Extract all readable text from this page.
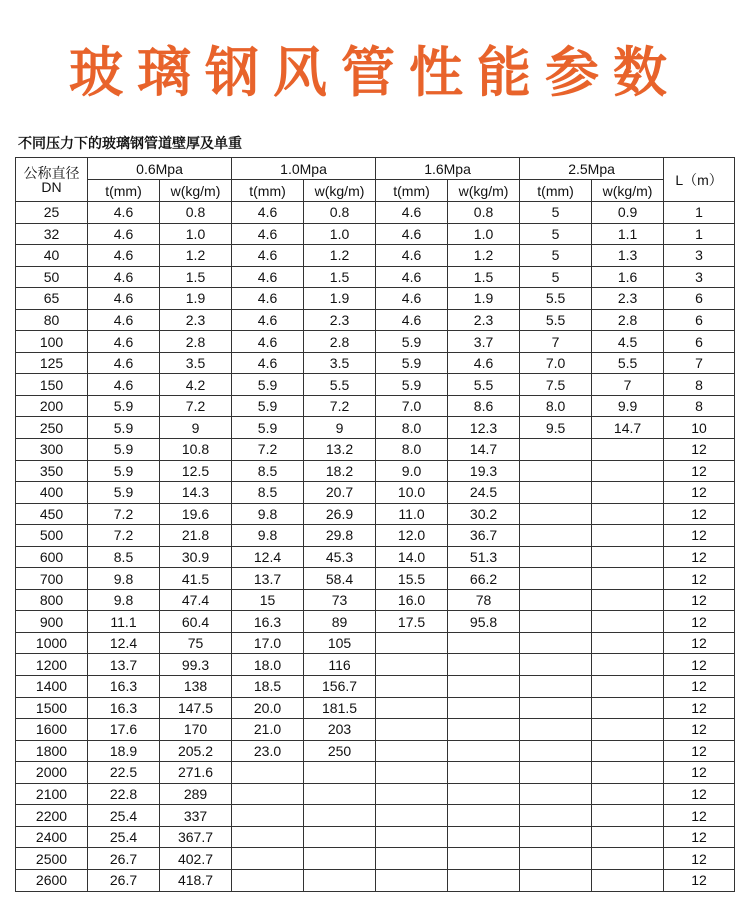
玻璃钢风管性能参数
不同压力下的玻璃钢管道壁厚及单重
公称直径
DN	0.6Mpa		1.0Mpa		1.6Mpa		2.5Mpa		L（m）
	t(mm)	w(kg/m)	t(mm)	w(kg/m)	t(mm)	w(kg/m)	t(mm)	w(kg/m)	
25	4.6	0.8	4.6	0.8	4.6	0.8	5	0.9	1
32	4.6	1.0	4.6	1.0	4.6	1.0	5	1.1	1
40	4.6	1.2	4.6	1.2	4.6	1.2	5	1.3	3
50	4.6	1.5	4.6	1.5	4.6	1.5	5	1.6	3
65	4.6	1.9	4.6	1.9	4.6	1.9	5.5	2.3	6
80	4.6	2.3	4.6	2.3	4.6	2.3	5.5	2.8	6
100	4.6	2.8	4.6	2.8	5.9	3.7	7	4.5	6
125	4.6	3.5	4.6	3.5	5.9	4.6	7.0	5.5	7
150	4.6	4.2	5.9	5.5	5.9	5.5	7.5	7	8
200	5.9	7.2	5.9	7.2	7.0	8.6	8.0	9.9	8
250	5.9	9	5.9	9	8.0	12.3	9.5	14.7	10
300	5.9	10.8	7.2	13.2	8.0	14.7			12
350	5.9	12.5	8.5	18.2	9.0	19.3			12
400	5.9	14.3	8.5	20.7	10.0	24.5			12
450	7.2	19.6	9.8	26.9	11.0	30.2			12
500	7.2	21.8	9.8	29.8	12.0	36.7			12
600	8.5	30.9	12.4	45.3	14.0	51.3			12
700	9.8	41.5	13.7	58.4	15.5	66.2			12
800	9.8	47.4	15	73	16.0	78			12
900	11.1	60.4	16.3	89	17.5	95.8			12
1000	12.4	75	17.0	105					12
1200	13.7	99.3	18.0	116					12
1400	16.3	138	18.5	156.7					12
1500	16.3	147.5	20.0	181.5					12
1600	17.6	170	21.0	203					12
1800	18.9	205.2	23.0	250					12
2000	22.5	271.6							12
2100	22.8	289							12
2200	25.4	337							12
2400	25.4	367.7							12
2500	26.7	402.7							12
2600	26.7	418.7							12
